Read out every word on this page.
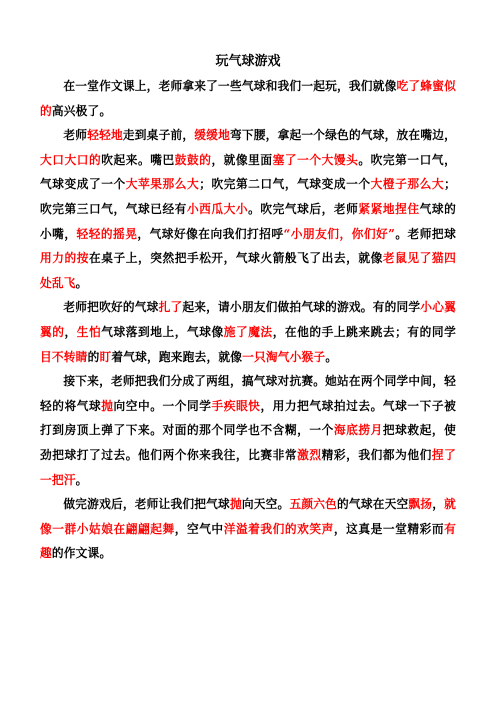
玩气球游戏

在一堂作文课上，老师拿来了一些气球和我们一起玩，我们就像吃了蜂蜜似的高兴极了。

老师轻轻地走到桌子前，缓缓地弯下腰，拿起一个绿色的气球，放在嘴边，大口大口的吹起来。嘴巴鼓鼓的，就像里面塞了一个大馒头。吹完第一口气，气球变成了一个大苹果那么大；吹完第二口气，气球变成一个大橙子那么大；吹完第三口气，气球已经有小西瓜大小。吹完气球后，老师紧紧地捏住气球的小嘴，轻轻的摇晃，气球好像在向我们打招呼“小朋友们，你们好”。老师把球用力的按在桌子上，突然把手松开，气球火箭般飞了出去，就像老鼠见了猫四处乱飞。

老师把吹好的气球扎了起来，请小朋友们做拍气球的游戏。有的同学小心翼翼的，生怕气球落到地上，气球像施了魔法，在他的手上跳来跳去；有的同学目不转睛的盯着气球，跑来跑去，就像一只淘气小猴子。

接下来，老师把我们分成了两组，搞气球对抗赛。她站在两个同学中间，轻轻的将气球抛向空中。一个同学手疾眼快，用力把气球拍过去。气球一下子被打到房顶上弹了下来。对面的那个同学也不含糊，一个海底捞月把球救起，使劲把球打了过去。他们两个你来我往，比赛非常激烈精彩，我们都为他们捏了一把汗。

做完游戏后，老师让我们把气球抛向天空。五颜六色的气球在天空飘扬，就像一群小姑娘在翩翩起舞，空气中洋溢着我们的欢笑声，这真是一堂精彩而有趣的作文课。
